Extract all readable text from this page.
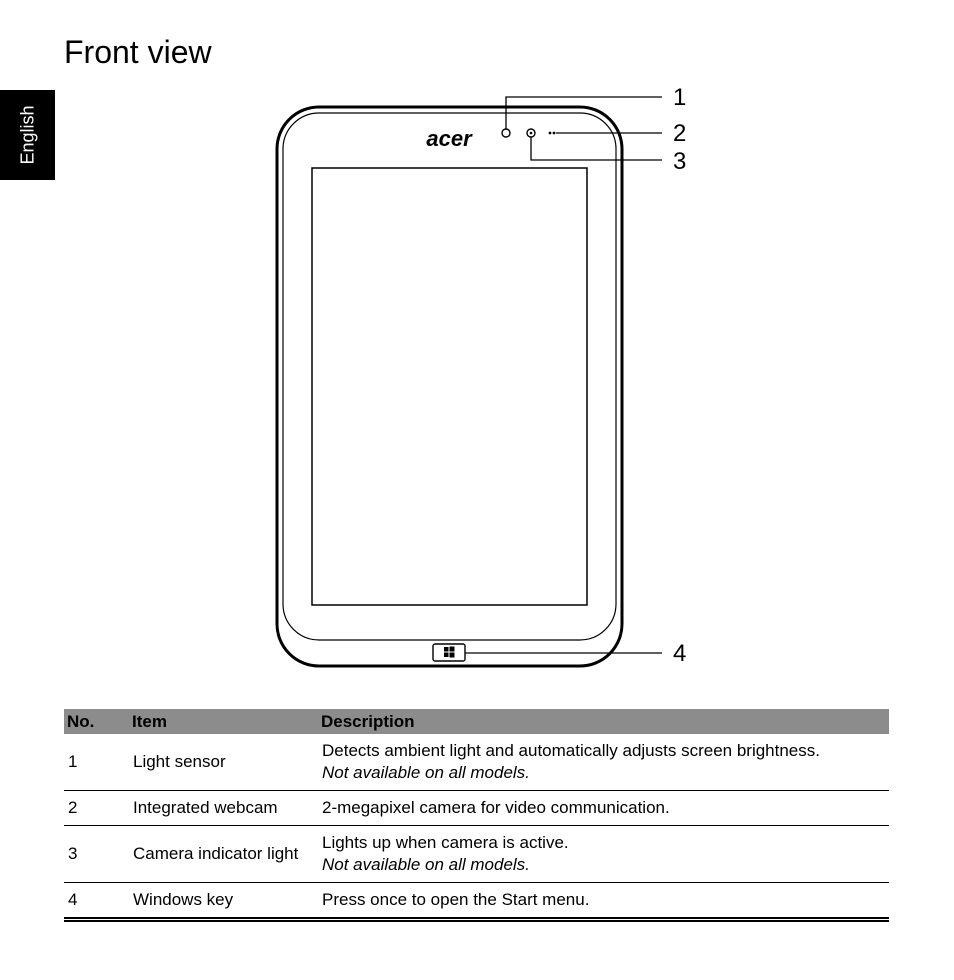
English
Front view
acer
1
2
3
4
No.	Item	Description
1	Light sensor	Detects ambient light and automatically adjusts screen brightness.
Not available on all models.

2	Integrated webcam	2-megapixel camera for video communication.
3	Camera indicator light	Lights up when camera is active.
Not available on all models.

4	Windows key	Press once to open the Start menu.
